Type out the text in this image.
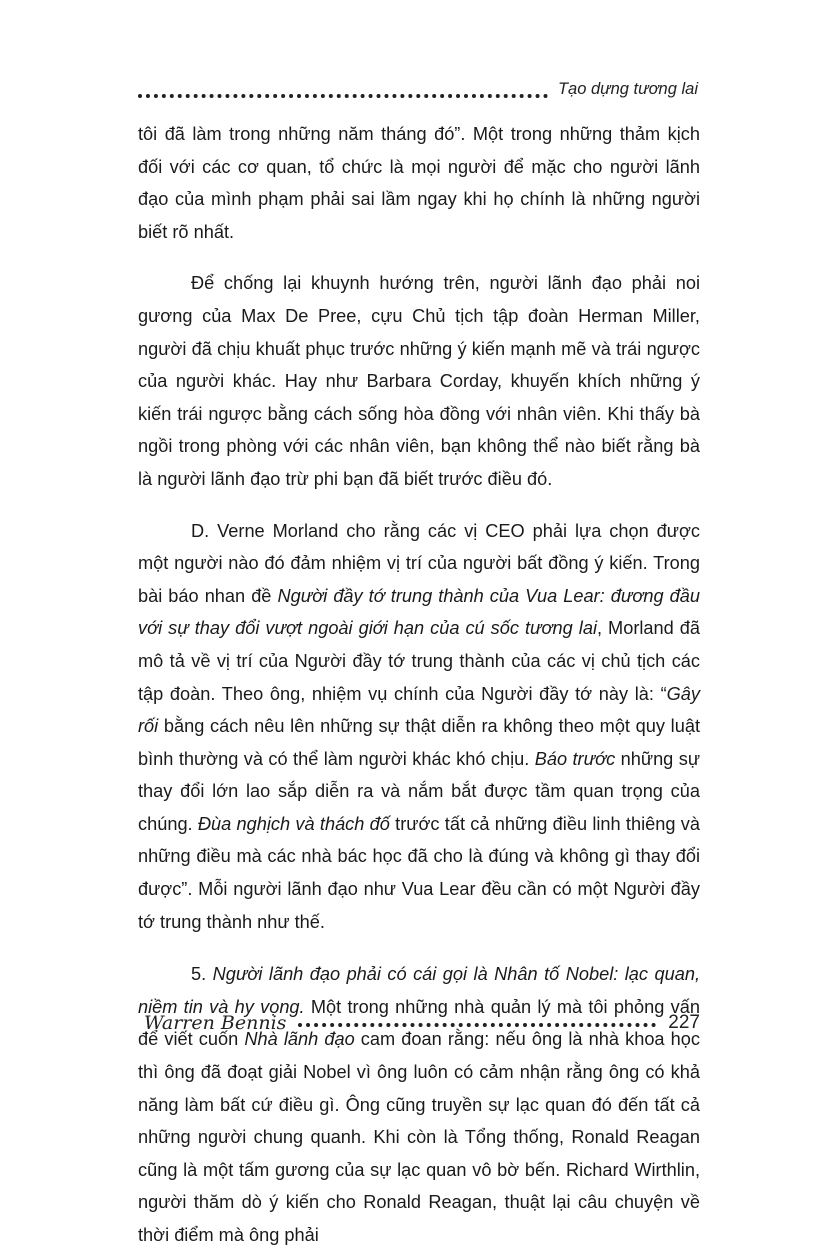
Tạo dựng tương lai

tôi đã làm trong những năm tháng đó”. Một trong những thảm kịch đối với các cơ quan, tổ chức là mọi người để mặc cho người lãnh đạo của mình phạm phải sai lầm ngay khi họ chính là những người biết rõ nhất.

Để chống lại khuynh hướng trên, người lãnh đạo phải noi gương của Max De Pree, cựu Chủ tịch tập đoàn Herman Miller, người đã chịu khuất phục trước những ý kiến mạnh mẽ và trái ngược của người khác. Hay như Barbara Corday, khuyến khích những ý kiến trái ngược bằng cách sống hòa đồng với nhân viên. Khi thấy bà ngồi trong phòng với các nhân viên, bạn không thể nào biết rằng bà là người lãnh đạo trừ phi bạn đã biết trước điều đó.

D. Verne Morland cho rằng các vị CEO phải lựa chọn được một người nào đó đảm nhiệm vị trí của người bất đồng ý kiến. Trong bài báo nhan đề Người đầy tớ trung thành của Vua Lear: đương đầu với sự thay đổi vượt ngoài giới hạn của cú sốc tương lai, Morland đã mô tả về vị trí của Người đầy tớ trung thành của các vị chủ tịch các tập đoàn. Theo ông, nhiệm vụ chính của Người đầy tớ này là: “Gây rối bằng cách nêu lên những sự thật diễn ra không theo một quy luật bình thường và có thể làm người khác khó chịu. Báo trước những sự thay đổi lớn lao sắp diễn ra và nắm bắt được tầm quan trọng của chúng. Đùa nghịch và thách đố trước tất cả những điều linh thiêng và những điều mà các nhà bác học đã cho là đúng và không gì thay đổi được”. Mỗi người lãnh đạo như Vua Lear đều cần có một Người đầy tớ trung thành như thế.

5. Người lãnh đạo phải có cái gọi là Nhân tố Nobel: lạc quan, niềm tin và hy vọng. Một trong những nhà quản lý mà tôi phỏng vấn để viết cuốn Nhà lãnh đạo cam đoan rằng: nếu ông là nhà khoa học thì ông đã đoạt giải Nobel vì ông luôn có cảm nhận rằng ông có khả năng làm bất cứ điều gì. Ông cũng truyền sự lạc quan đó đến tất cả những người chung quanh. Khi còn là Tổng thống, Ronald Reagan cũng là một tấm gương của sự lạc quan vô bờ bến. Richard Wirthlin, người thăm dò ý kiến cho Ronald Reagan, thuật lại câu chuyện về thời điểm mà ông phải

Warren Bennis	227
